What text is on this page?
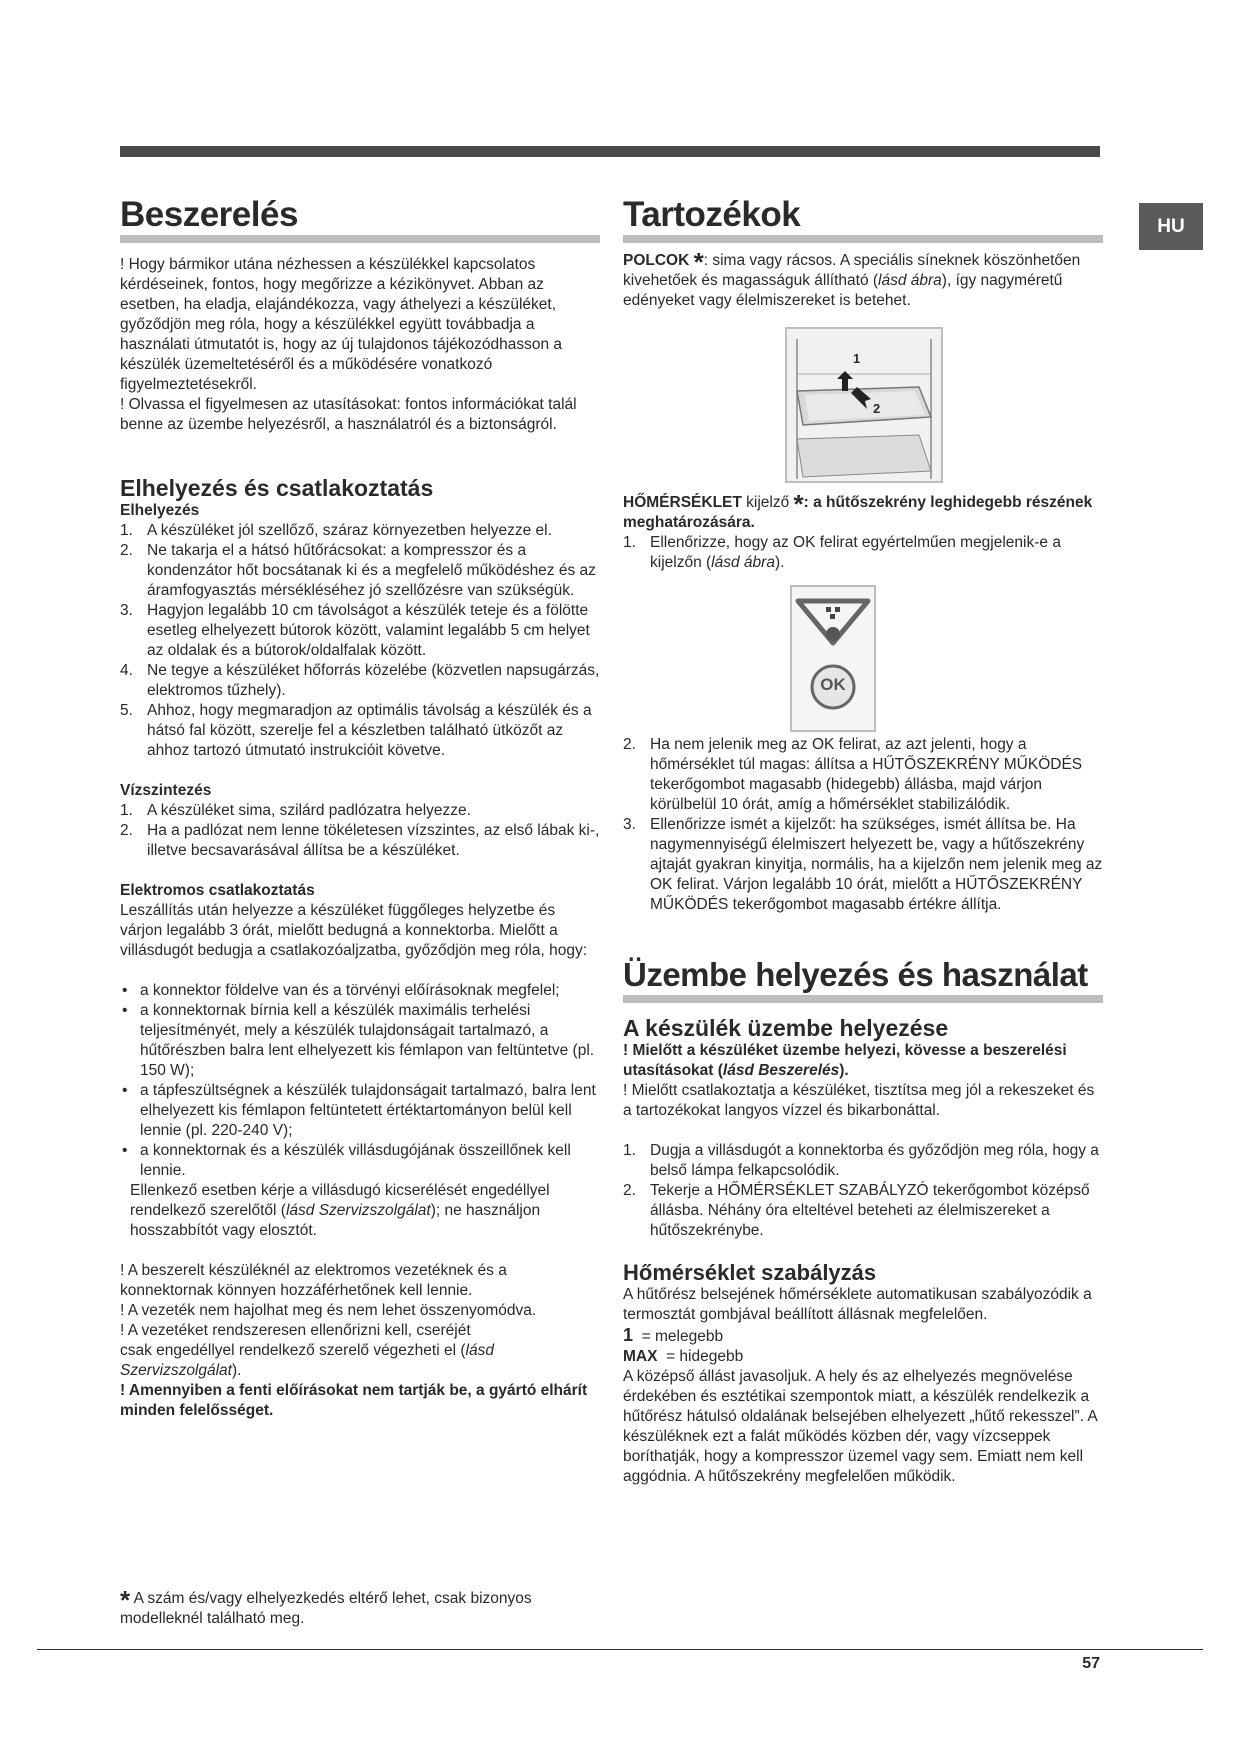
HU
Beszerelés

! Hogy bármikor utána nézhessen a készülékkel kapcsolatos kérdéseinek, fontos, hogy megőrizze a kézikönyvet. Abban az esetben, ha eladja, elajándékozza, vagy áthelyezi a készüléket, győződjön meg róla, hogy a készülékkel együtt továbbadja a használati útmutatót is, hogy az új tulajdonos tájékozódhasson a készülék üzemeltetéséről és a működésére vonatkozó figyelmeztetésekről.

! Olvassa el figyelmesen az utasításokat: fontos információkat talál benne az üzembe helyezésről, a használatról és a biztonságról.

Elhelyezés és csatlakoztatás
Elhelyezés
1. A készüléket jól szellőző, száraz környezetben helyezze el.
2. Ne takarja el a hátsó hűtőrácsokat: a kompresszor és a kondenzátor hőt bocsátanak ki és a megfelelő működéshez és az áramfogyasztás mérsékléséhez jó szellőzésre van szükségük.
3. Hagyjon legalább 10 cm távolságot a készülék teteje és a fölötte esetleg elhelyezett bútorok között, valamint legalább 5 cm helyet az oldalak és a bútorok/oldalfalak között.
4. Ne tegye a készüléket hőforrás közelébe (közvetlen napsugárzás, elektromos tűzhely).
5. Ahhoz, hogy megmaradjon az optimális távolság a készülék és a hátsó fal között, szerelje fel a készletben található ütközőt az ahhoz tartozó útmutató instrukcióit követve.
Vízszintezés
1. A készüléket sima, szilárd padlózatra helyezze.
2. Ha a padlózat nem lenne tökéletesen vízszintes, az első lábak ki-, illetve becsavarásával állítsa be a készüléket.
Elektromos csatlakoztatás

Leszállítás után helyezze a készüléket függőleges helyzetbe és várjon legalább 3 órát, mielőtt bedugná a konnektorba. Mielőtt a villásdugót bedugja a csatlakozóaljzatba, győződjön meg róla, hogy:

• a konnektor földelve van és a törvényi előírásoknak megfelel;
• a konnektornak bírnia kell a készülék maximális terhelési teljesítményét, mely a készülék tulajdonságait tartalmazó, a hűtőrészben balra lent elhelyezett kis fémlapon van feltüntetve (pl. 150 W);
• a tápfeszültségnek a készülék tulajdonságait tartalmazó, balra lent elhelyezett kis fémlapon feltüntetett értéktartományon belül kell lennie (pl. 220-240 V);
• a konnektornak és a készülék villásdugójának összeillőnek kell lennie.

Ellenkező esetben kérje a villásdugó kicserélését engedéllyel rendelkező szerelőtől (lásd Szervizszolgálat); ne használjon hosszabbítót vagy elosztót.

! A beszerelt készüléknél az elektromos vezetéknek és a konnektornak könnyen hozzáférhetőnek kell lennie.

! A vezeték nem hajolhat meg és nem lehet összenyomódva.

! A vezetéket rendszeresen ellenőrizni kell, cseréjét

csak engedéllyel rendelkező szerelő végezheti el (lásd Szervizszolgálat).

! Amennyiben a fenti előírásokat nem tartják be, a gyártó elhárít minden felelősséget.

* A szám és/vagy elhelyezkedés eltérő lehet, csak bizonyos modelleknél található meg.
Tartozékok

POLCOK *: sima vagy rácsos. A speciális síneknek köszönhetően kivehetőek és magasságuk állítható (lásd ábra), így nagyméretű edényeket vagy élelmiszereket is betehet.

1
2

HŐMÉRSÉKLET kijelző *: a hűtőszekrény leghidegebb részének meghatározására.

1. Ellenőrizze, hogy az OK felirat egyértelműen megjelenik-e a kijelzőn (lásd ábra).
OK
2. Ha nem jelenik meg az OK felirat, az azt jelenti, hogy a hőmérséklet túl magas: állítsa a HŰTŐSZEKRÉNY MŰKÖDÉS tekerőgombot magasabb (hidegebb) állásba, majd várjon körülbelül 10 órát, amíg a hőmérséklet stabilizálódik.
3. Ellenőrizze ismét a kijelzőt: ha szükséges, ismét állítsa be. Ha nagymennyiségű élelmiszert helyezett be, vagy a hűtőszekrény ajtaját gyakran kinyitja, normális, ha a kijelzőn nem jelenik meg az OK felirat. Várjon legalább 10 órát, mielőtt a HŰTŐSZEKRÉNY MŰKÖDÉS tekerőgombot magasabb értékre állítja.
Üzembe helyezés és használat
A készülék üzembe helyezése

! Mielőtt a készüléket üzembe helyezi, kövesse a beszerelési utasításokat (lásd Beszerelés).

! Mielőtt csatlakoztatja a készüléket, tisztítsa meg jól a rekeszeket és a tartozékokat langyos vízzel és bikarbonáttal.

1. Dugja a villásdugót a konnektorba és győződjön meg róla, hogy a belső lámpa felkapcsolódik.
2. Tekerje a HŐMÉRSÉKLET SZABÁLYZÓ tekerőgombot középső állásba. Néhány óra elteltével beteheti az élelmiszereket a hűtőszekrénybe.
Hőmérséklet szabályzás

A hűtőrész belsejének hőmérséklete automatikusan szabályozódik a termosztát gombjával beállított állásnak megfelelően.

1 = melegebb

MAX = hidegebb

A középső állást javasoljuk. A hely és az elhelyezés megnövelése érdekében és esztétikai szempontok miatt, a készülék rendelkezik a hűtőrész hátulsó oldalának belsejében elhelyezett „hűtő rekesszel”. A készüléknek ezt a falát működés közben dér, vagy vízcseppek boríthatják, hogy a kompresszor üzemel vagy sem. Emiatt nem kell aggódnia. A hűtőszekrény megfelelően működik.

57
